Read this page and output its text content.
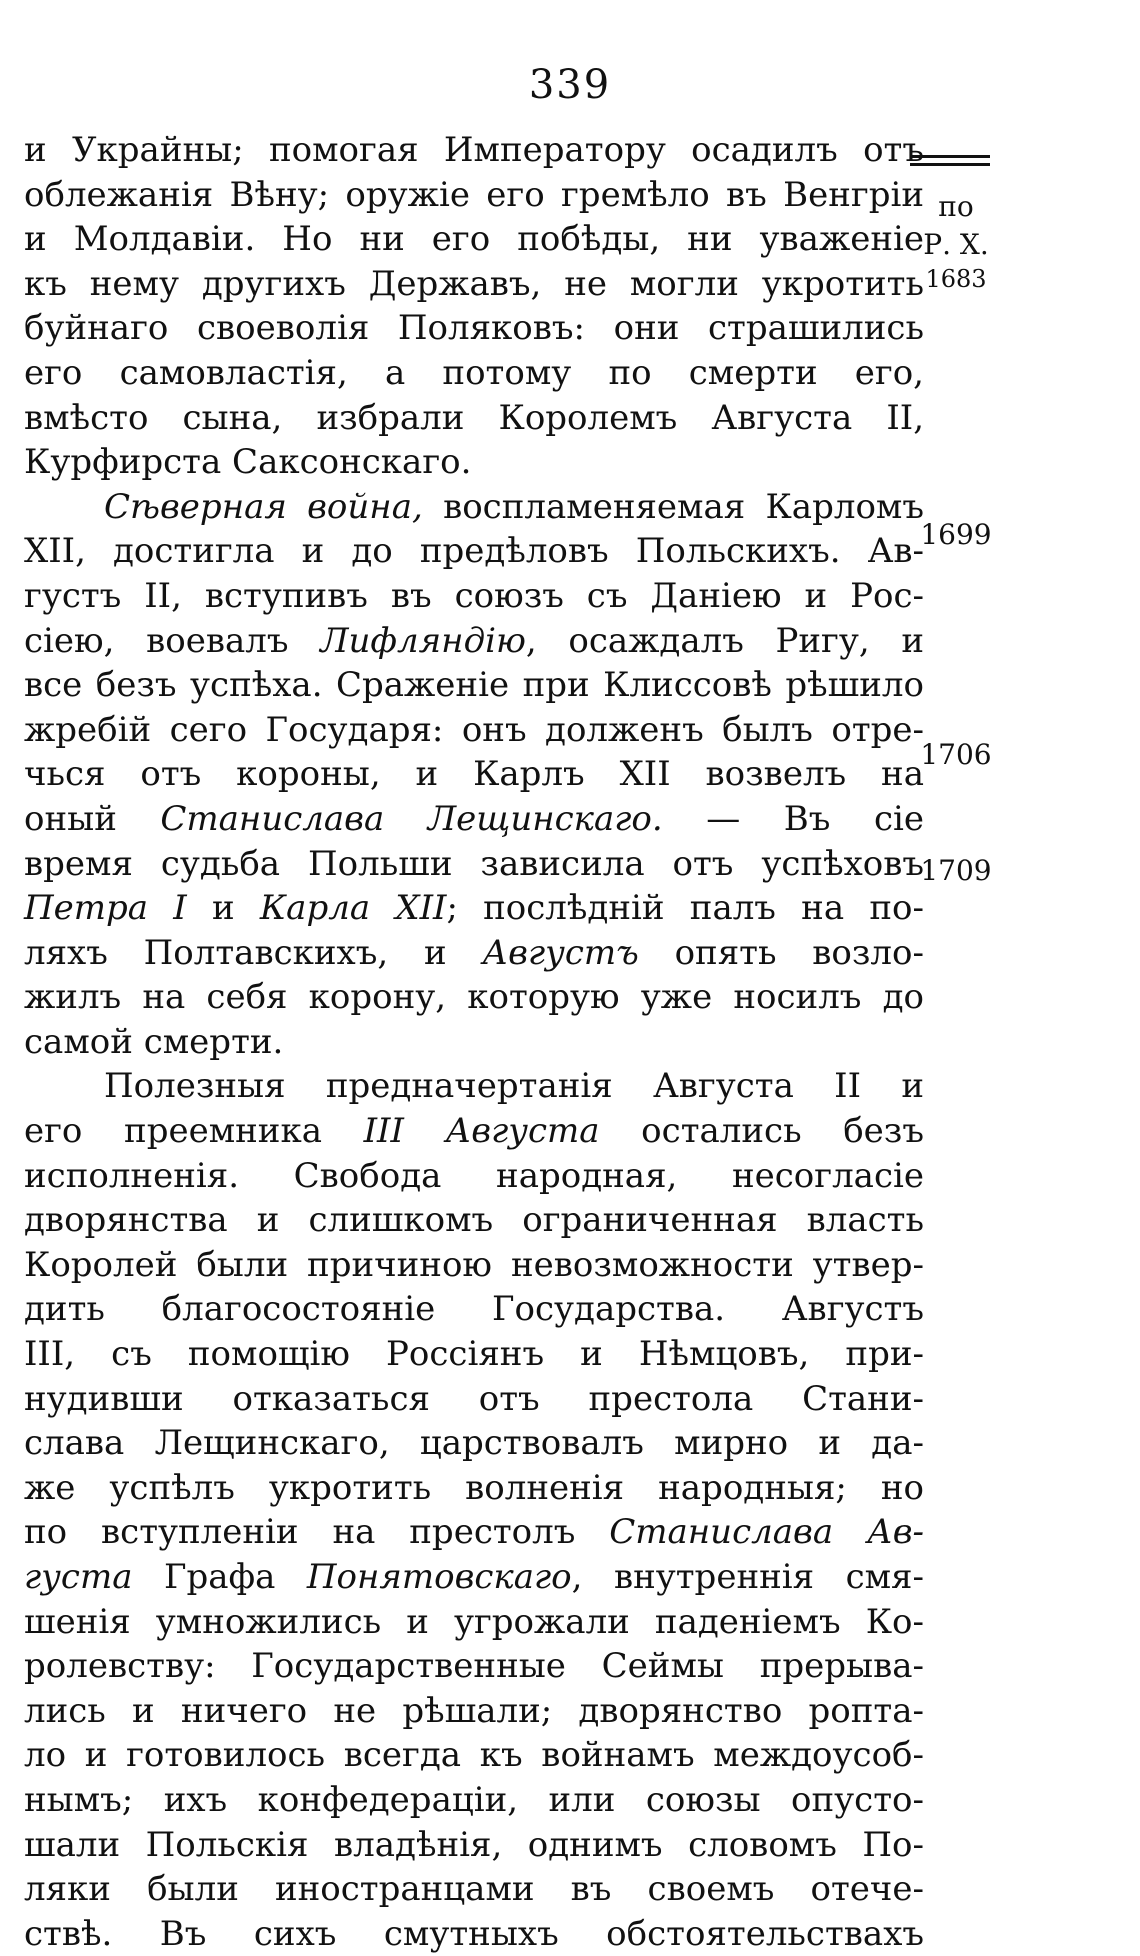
339
по
Р. Х.
1683
1699
1706
1709
и Украйны; помогая Императору осадилъ отъ
облежанія Вѣну; оружіе его гремѣло въ Венгріи
и Молдавіи. Но ни его побѣды, ни уваженіе
къ нему другихъ Державъ, не могли укротить
буйнаго своеволія Поляковъ: они страшились
его самовластія, а потому по смерти его,
вмѣсто сына, избрали Королемъ Августа II,
Курфирста Саксонскаго.
Сѣверная война, воспламеняемая Карломъ
XII, достигла и до предѣловъ Польскихъ. Ав-
густъ II, вступивъ въ союзъ съ Даніею и Рос-
сіею, воевалъ Лифляндію, осаждалъ Ригу, и
все безъ успѣха. Сраженіе при Клиссовѣ рѣшило
жребій сего Государя: онъ долженъ былъ отре-
чься отъ короны, и Карлъ XII возвелъ на
оный Станислава Лещинскаго. — Въ сіе
время судьба Польши зависила отъ успѣховъ
Петра I и Карла XII; послѣдній палъ на по-
ляхъ Полтавскихъ, и Августъ опять возло-
жилъ на себя корону, которую уже носилъ до
самой смерти.
Полезныя предначертанія Августа II и
его преемника III Августа остались безъ
исполненія. Свобода народная, несогласіе
дворянства и слишкомъ ограниченная власть
Королей были причиною невозможности утвер-
дить благосостояніе Государства. Августъ
III, съ помощію Россіянъ и Нѣмцовъ, при-
нудивши отказаться отъ престола Стани-
слава Лещинскаго, царствовалъ мирно и да-
же успѣлъ укротить волненія народныя; но
по вступленіи на престолъ Станислава Ав-
густа Графа Понятовскаго, внутреннія смя-
шенія умножились и угрожали паденіемъ Ко-
ролевству: Государственные Сеймы прерыва-
лись и ничего не рѣшали; дворянство роптa-
ло и готовилось всегда къ войнамъ междоусоб-
нымъ; ихъ конфедераціи, или союзы опусто-
шали Польскія владѣнія, однимъ словомъ По-
ляки были иностранцами въ своемъ отече-
ствѣ. Въ сихъ смутныхъ обстоятельствахъ
